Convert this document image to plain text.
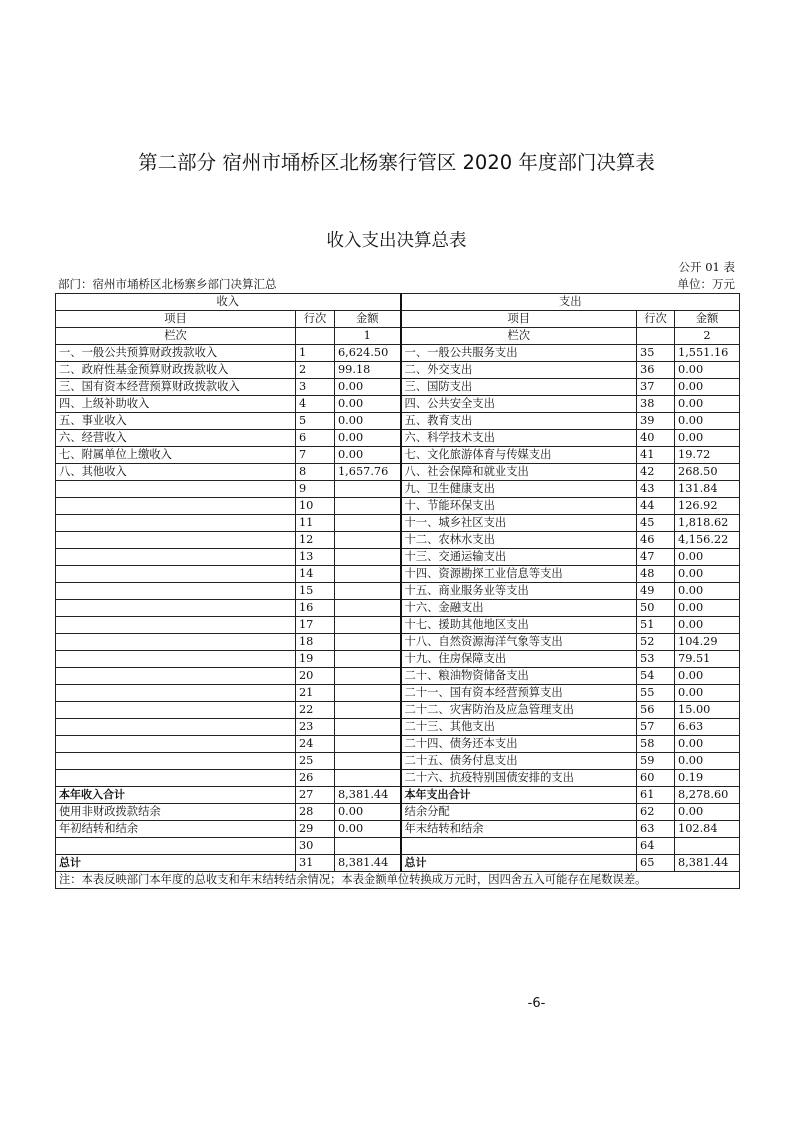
第二部分 宿州市埇桥区北杨寨行管区 2020 年度部门决算表
收入支出决算总表
公开 01 表
部门：宿州市埇桥区北杨寨乡部门决算汇总	单位：万元
收入			支出		
项目	行次	金额	项目	行次	金额
栏次		1	栏次		2
一、一般公共预算财政拨款收入	1	6,624.50	一、一般公共服务支出	35	1,551.16
二、政府性基金预算财政拨款收入	2	99.18	二、外交支出	36	0.00
三、国有资本经营预算财政拨款收入	3	0.00	三、国防支出	37	0.00
四、上级补助收入	4	0.00	四、公共安全支出	38	0.00
五、事业收入	5	0.00	五、教育支出	39	0.00
六、经营收入	6	0.00	六、科学技术支出	40	0.00
七、附属单位上缴收入	7	0.00	七、文化旅游体育与传媒支出	41	19.72
八、其他收入	8	1,657.76	八、社会保障和就业支出	42	268.50
	9		九、卫生健康支出	43	131.84
	10		十、节能环保支出	44	126.92
	11		十一、城乡社区支出	45	1,818.62
	12		十二、农林水支出	46	4,156.22
	13		十三、交通运输支出	47	0.00
	14		十四、资源勘探工业信息等支出	48	0.00
	15		十五、商业服务业等支出	49	0.00
	16		十六、金融支出	50	0.00
	17		十七、援助其他地区支出	51	0.00
	18		十八、自然资源海洋气象等支出	52	104.29
	19		十九、住房保障支出	53	79.51
	20		二十、粮油物资储备支出	54	0.00
	21		二十一、国有资本经营预算支出	55	0.00
	22		二十二、灾害防治及应急管理支出	56	15.00
	23		二十三、其他支出	57	6.63
	24		二十四、债务还本支出	58	0.00
	25		二十五、债务付息支出	59	0.00
	26		二十六、抗疫特别国债安排的支出	60	0.19
本年收入合计	27	8,381.44	本年支出合计	61	8,278.60
使用非财政拨款结余	28	0.00	结余分配	62	0.00
年初结转和结余	29	0.00	年末结转和结余	63	102.84
	30			64	
总计	31	8,381.44	总计	65	8,381.44
注：本表反映部门本年度的总收支和年末结转结余情况；本表金额单位转换成万元时，因四舍五入可能存在尾数误差。					
-6-
